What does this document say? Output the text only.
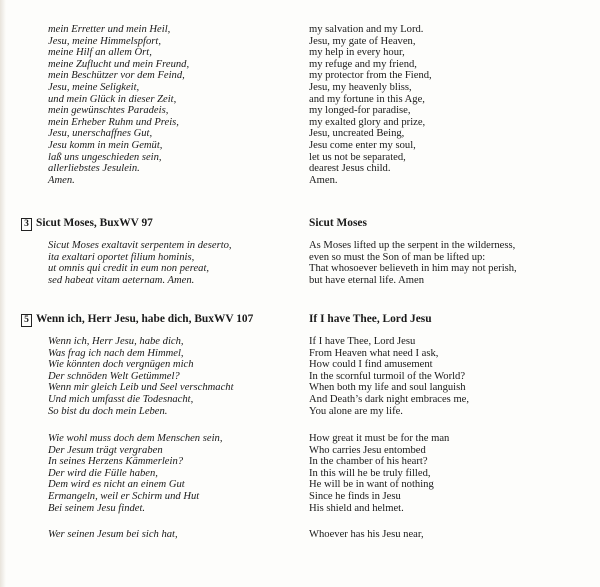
mein Erretter und mein Heil,
Jesu, meine Himmelspfort,
meine Hilf an allem Ort,
meine Zuflucht und mein Freund,
mein Beschützer vor dem Feind,
Jesu, meine Seligkeit,
und mein Glück in dieser Zeit,
mein gewünschtes Paradeis,
mein Erheber Ruhm und Preis,
Jesu, unerschaffnes Gut,
Jesu komm in mein Gemüt,
laß uns ungeschieden sein,
allerliebstes Jesulein.
Amen.
3 Sicut Moses, BuxWV 97
Sicut Moses exaltavit serpentem in deserto,
ita exaltari oportet filium hominis,
ut omnis qui credit in eum non pereat,
sed habeat vitam aeternam. Amen.
5 Wenn ich, Herr Jesu, habe dich, BuxWV 107
Wenn ich, Herr Jesu, habe dich,
Was frag ich nach dem Himmel,
Wie könnten doch vergnügen mich
Der schnöden Welt Getümmel?
Wenn mir gleich Leib und Seel verschmacht
Und mich umfasst die Todesnacht,
So bist du doch mein Leben.
Wie wohl muss doch dem Menschen sein,
Der Jesum trägt vergraben
In seines Herzens Kämmerlein?
Der wird die Fülle haben,
Dem wird es nicht an einem Gut
Ermangeln, weil er Schirm und Hut
Bei seinem Jesu findet.
Wer seinen Jesum bei sich hat,
my salvation and my Lord.
Jesu, my gate of Heaven,
my help in every hour,
my refuge and my friend,
my protector from the Fiend,
Jesu, my heavenly bliss,
and my fortune in this Age,
my longed-for paradise,
my exalted glory and prize,
Jesu, uncreated Being,
Jesu come enter my soul,
let us not be separated,
dearest Jesus child.
Amen.
Sicut Moses
As Moses lifted up the serpent in the wilderness,
even so must the Son of man be lifted up:
That whosoever believeth in him may not perish,
but have eternal life. Amen
If I have Thee, Lord Jesu
If I have Thee, Lord Jesu
From Heaven what need I ask,
How could I find amusement
In the scornful turmoil of the World?
When both my life and soul languish
And Death’s dark night embraces me,
You alone are my life.
How great it must be for the man
Who carries Jesu entombed
In the chamber of his heart?
In this will he be truly filled,
He will be in want of nothing
Since he finds in Jesu
His shield and helmet.
Whoever has his Jesu near,
